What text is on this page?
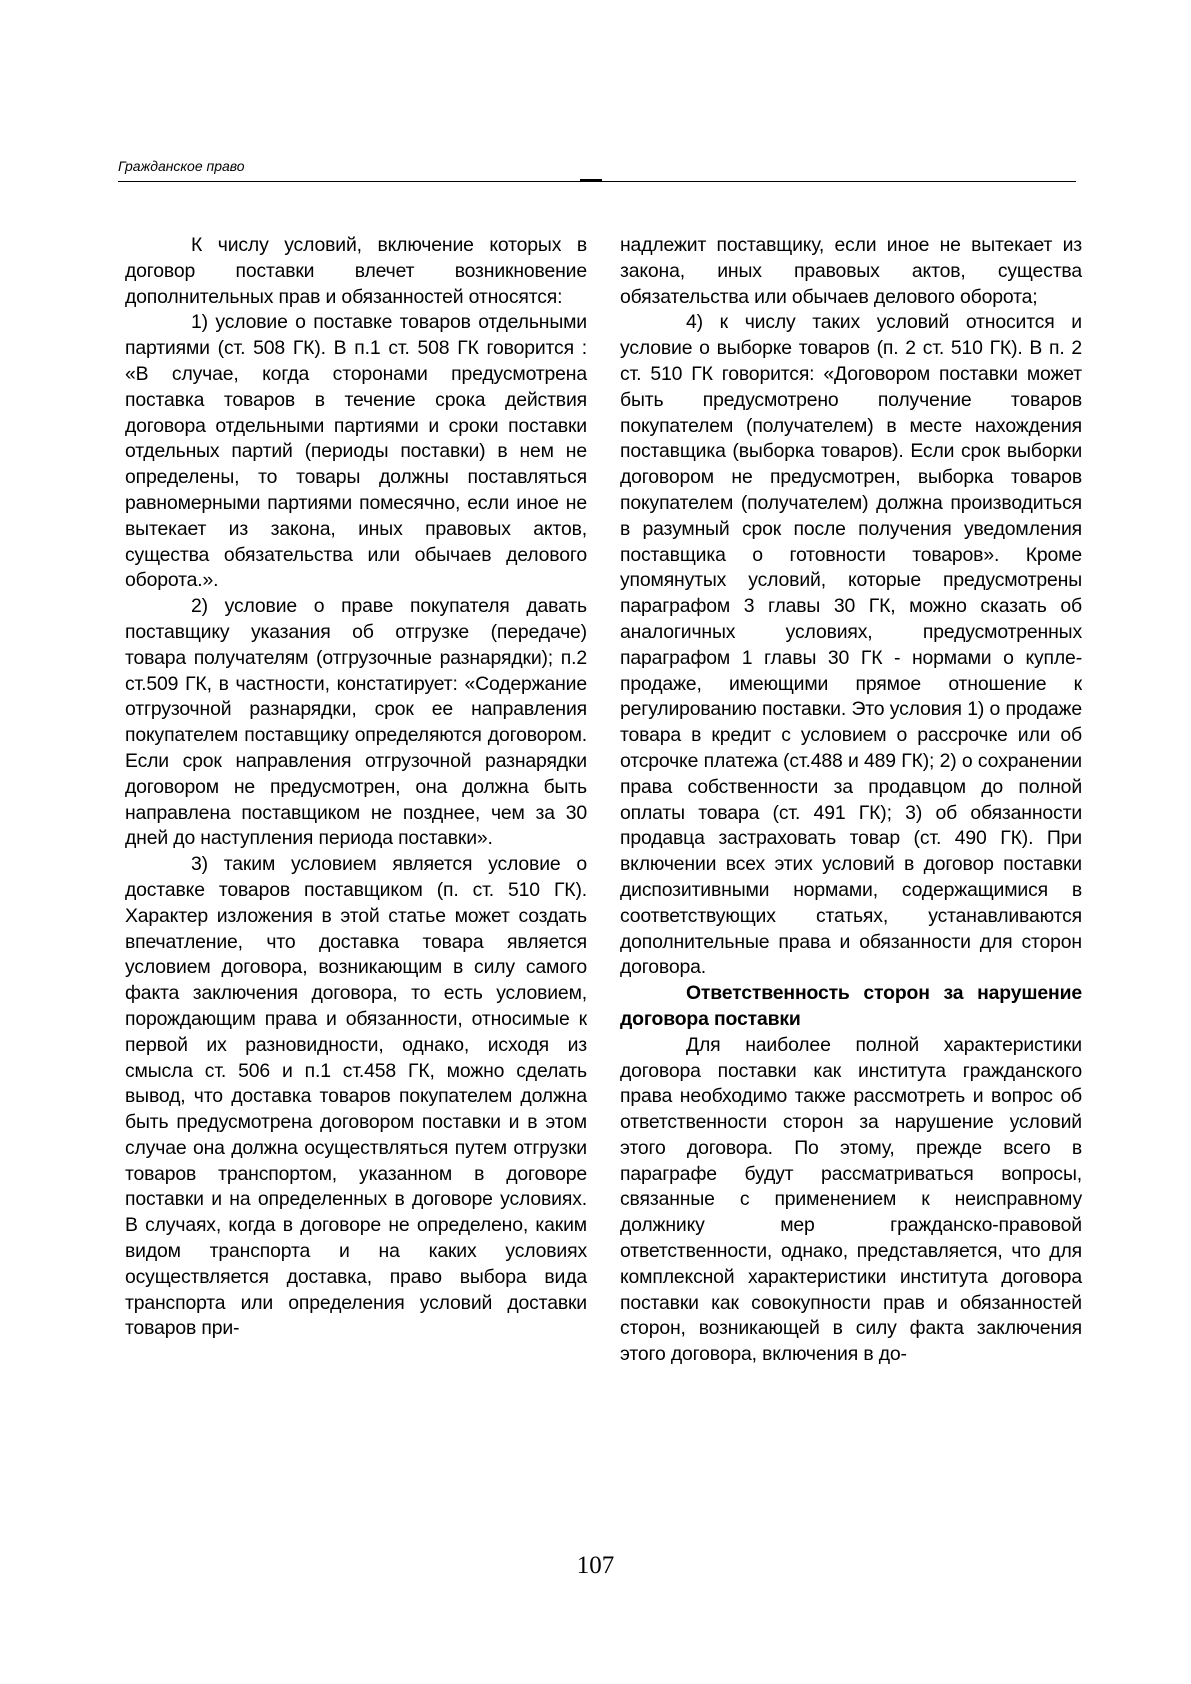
Гражданское право

К числу условий, включение которых в договор поставки влечет возникновение дополнительных прав и обязанностей относятся:

1) условие о поставке товаров отдельными партиями (ст. 508 ГК). В п.1 ст. 508 ГК говорится : «В случае, когда сторонами предусмотрена поставка товаров в течение срока действия договора отдельными партиями и сроки поставки отдельных партий (периоды поставки) в нем не определены, то товары должны поставляться равномерными партиями помесячно, если иное не вытекает из закона, иных правовых актов, существа обязательства или обычаев делового оборота.».

2) условие о праве покупателя давать поставщику указания об отгрузке (передаче) товара получателям (отгрузочные разнарядки); п.2 ст.509 ГК, в частности, констатирует: «Содержание отгрузочной разнарядки, срок ее направления покупателем поставщику определяются договором. Если срок направления отгрузочной разнарядки договором не предусмотрен, она должна быть направлена поставщиком не позднее, чем за 30 дней до наступления периода поставки».

3) таким условием является условие о доставке товаров поставщиком (п. ст. 510 ГК). Характер изложения в этой статье может создать впечатление, что доставка товара является условием договора, возникающим в силу самого факта заключения договора, то есть условием, порождающим права и обязанности, относимые к первой их разновидности, однако, исходя из смысла ст. 506 и п.1 ст.458 ГК, можно сделать вывод, что доставка товаров покупателем должна быть предусмотрена договором поставки и в этом случае она должна осуществляться путем отгрузки товаров транспортом, указанном в договоре поставки и на определенных в договоре условиях. В случаях, когда в договоре не определено, каким видом транспорта и на каких условиях осуществляется доставка, право выбора вида транспорта или определения условий доставки товаров при-

надлежит поставщику, если иное не вытекает из закона, иных правовых актов, существа обязательства или обычаев делового оборота;

4) к числу таких условий относится и условие о выборке товаров (п. 2 ст. 510 ГК). В п. 2 ст. 510 ГК говорится: «Договором поставки может быть предусмотрено получение товаров покупателем (получателем) в месте нахождения поставщика (выборка товаров). Если срок выборки договором не предусмотрен, выборка товаров покупателем (получателем) должна производиться в разумный срок после получения уведомления поставщика о готовности товаров». Кроме упомянутых условий, которые предусмотрены параграфом 3 главы 30 ГК, можно сказать об аналогичных условиях, предусмотренных параграфом 1 главы 30 ГК - нормами о купле-продаже, имеющими прямое отношение к регулированию поставки. Это условия 1) о продаже товара в кредит с условием о рассрочке или об отсрочке платежа (ст.488 и 489 ГК); 2) о сохранении права собственности за продавцом до полной оплаты товара (ст. 491 ГК); 3) об обязанности продавца застраховать товар (ст. 490 ГК). При включении всех этих условий в договор поставки диспозитивными нормами, содержащимися в соответствующих статьях, устанавливаются дополнительные права и обязанности для сторон договора.

Ответственность сторон за нарушение договора поставки

Для наиболее полной характеристики договора поставки как института гражданского права необходимо также рассмотреть и вопрос об ответственности сторон за нарушение условий этого договора. По этому, прежде всего в параграфе будут рассматриваться вопросы, связанные с применением к неисправному должнику мер гражданско-правовой ответственности, однако, представляется, что для комплексной характеристики института договора поставки как совокупности прав и обязанностей сторон, возникающей в силу факта заключения этого договора, включения в до-

107
